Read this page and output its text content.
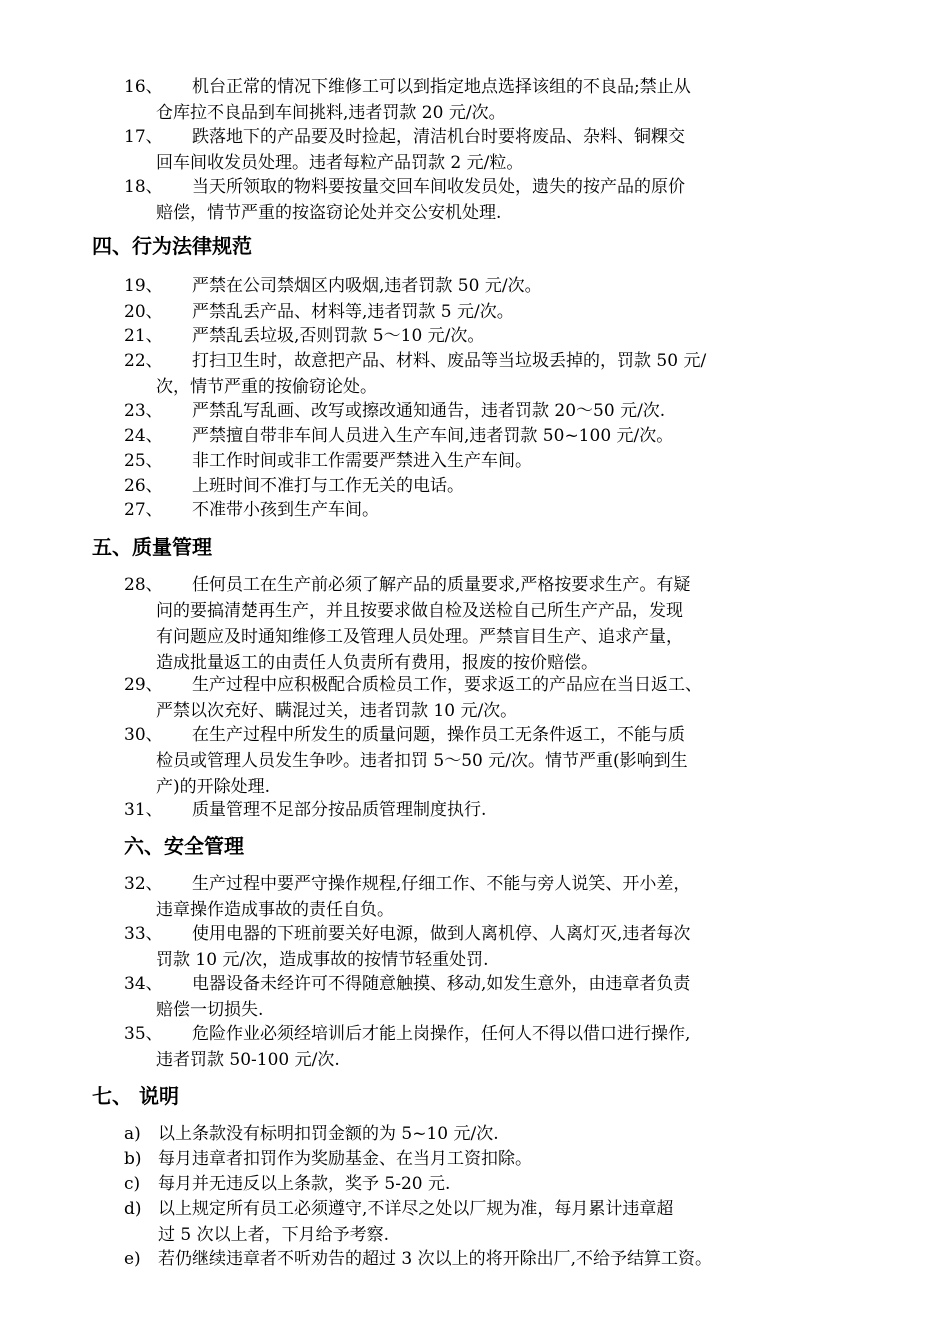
16、 机台正常的情况下维修工可以到指定地点选择该组的不良品;禁止从
仓库拉不良品到车间挑料,违者罚款 20 元/次。
17、 跌落地下的产品要及时捡起，清洁机台时要将废品、杂料、铜粿交
回车间收发员处理。违者每粒产品罚款 2 元/粒。
18、 当天所领取的物料要按量交回车间收发员处，遗失的按产品的原价
赔偿，情节严重的按盗窃论处并交公安机处理.
四、行为法律规范
19、 严禁在公司禁烟区内吸烟,违者罚款 50 元/次。
20、 严禁乱丢产品、材料等,违者罚款 5 元/次。
21、 严禁乱丢垃圾,否则罚款 5～10 元/次。
22、 打扫卫生时，故意把产品、材料、废品等当垃圾丢掉的，罚款 50 元/
次，情节严重的按偷窃论处。
23、 严禁乱写乱画、改写或擦改通知通告，违者罚款 20～50 元/次.
24、 严禁擅自带非车间人员进入生产车间,违者罚款 50~100 元/次。
25、 非工作时间或非工作需要严禁进入生产车间。
26、 上班时间不准打与工作无关的电话。
27、 不准带小孩到生产车间。
五、质量管理
28、 任何员工在生产前必须了解产品的质量要求,严格按要求生产。有疑
问的要搞清楚再生产，并且按要求做自检及送检自己所生产产品，发现
有问题应及时通知维修工及管理人员处理。严禁盲目生产、追求产量，
造成批量返工的由责任人负责所有费用，报废的按价赔偿。
29、 生产过程中应积极配合质检员工作，要求返工的产品应在当日返工、
严禁以次充好、瞒混过关，违者罚款 10 元/次。
30、 在生产过程中所发生的质量问题，操作员工无条件返工，不能与质
检员或管理人员发生争吵。违者扣罚 5～50 元/次。情节严重(影响到生
产)的开除处理.
31、 质量管理不足部分按品质管理制度执行.
六、安全管理
32、 生产过程中要严守操作规程,仔细工作、不能与旁人说笑、开小差，
违章操作造成事故的责任自负。
33、 使用电器的下班前要关好电源，做到人离机停、人离灯灭,违者每次
罚款 10 元/次，造成事故的按情节轻重处罚.
34、 电器设备未经许可不得随意触摸、移动,如发生意外，由违章者负责
赔偿一切损失.
35、 危险作业必须经培训后才能上岗操作，任何人不得以借口进行操作,
违者罚款 50-100 元/次.
七、 说明
a) 以上条款没有标明扣罚金额的为 5~10 元/次.
b) 每月违章者扣罚作为奖励基金、在当月工资扣除。
c) 每月并无违反以上条款，奖予 5-20 元.
d) 以上规定所有员工必须遵守,不详尽之处以厂规为准，每月累计违章超
过 5 次以上者，下月给予考察.
e) 若仍继续违章者不听劝告的超过 3 次以上的将开除出厂,不给予结算工资。
